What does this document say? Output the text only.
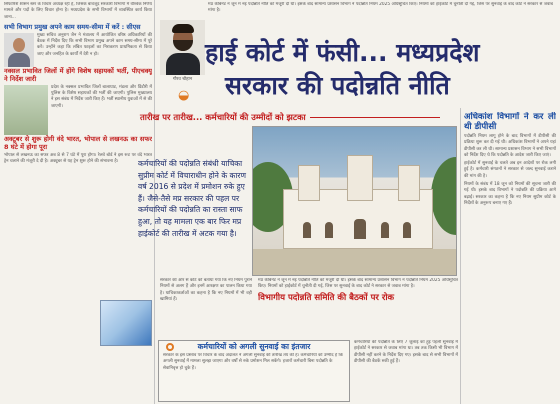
सिफारिशें शासन स्तर के विचार अध्यक्ष रही हैं, जिसके बावजूद सरकारी विभागों में वैश्विक निर्णय मामले और पदों के लिए विचार होना है। मध्यप्रदेश के सभी विभागों में व्यवस्थित कार्य किया जाना...

सभी विभाग प्रमुख अपने काम समय-सीमा में करें : सीएस

मुख्य सचिव अनुराग जैन ने मंत्रालय में आयोजित वरिष्ठ अधिकारियों की बैठक में निर्देश दिए कि सभी विभाग प्रमुख अपने काम समय-सीमा में पूरे करें। उन्होंने कहा कि लंबित फाइलों का निराकरण प्राथमिकता से किया जाए और जनहित के कार्यों में देरी न हो।

नक्सल प्रभावित जिलों में होंगे विशेष सहायकों भर्ती, पीएचक्यू ने निर्देश जारी

प्रदेश के नक्सल प्रभावित जिलों बालाघाट, मंडला और डिंडौरी में पुलिस के विशेष सहायकों की भर्ती की जाएगी। पुलिस मुख्यालय ने इस संबंध में निर्देश जारी किए हैं। भर्ती स्थानीय युवाओं में से की जाएगी।

अक्टूबर से शुरू होगी वंदे भारत, भोपाल से लखनऊ का सफर 8 घंटे में होगा पूरा

भोपाल से लखनऊ का सफर अब 8 से 7 घंटे में पूरा होगा। रेलवे बोर्ड ने इस रूट पर वंदे भारत ट्रेन चलाने की मंजूरी दे दी है। अक्टूबर से यह ट्रेन शुरू होने की संभावना है।

गौरव चौहान

मप्र कैबिनेट ने जून में नई पदोन्नति नीति को मंजूरी दी थी। इसके बाद सामान्य प्रशासन विभाग ने पदोन्नति नियम 2025 अधिसूचित किए। नियमों को हाईकोर्ट में चुनौती दी गई, जिस पर सुनवाई के बाद कोर्ट ने सरकार से जवाब मांगा है।

हाई कोर्ट में फंसी... मध्यप्रदेश
सरकार की पदोन्नति नीति
◒
तारीख पर तारीख... कर्मचारियों की उम्मीदों को झटका
कर्मचारियों की पदोन्नति संबंधी याचिका सुप्रीम कोर्ट में विचाराधीन होने के कारण वर्ष 2016 से प्रदेश में प्रमोशन रुके हुए हैं। जैसे-तैसे मप्र सरकार की पहल पर कर्मचारियों की पदोन्नति का रास्ता साफ हुआ, तो यह मामला एक बार फिर मप्र हाईकोर्ट की तारीख में अटक गया है।

सरकार की ओर से कोर्ट को बताया गया कि नए नियम पुराने नियमों से अलग हैं और इनमें आरक्षण का पालन किया गया है। याचिकाकर्ताओं का कहना है कि नए नियमों में भी वही खामियां हैं।

मप्र कैबिनेट ने जून में नई पदोन्नति नीति को मंजूरी दी थी। इसके बाद सामान्य प्रशासन विभाग ने पदोन्नति नियम 2025 अधिसूचित किए। नियमों को हाईकोर्ट में चुनौती दी गई, जिस पर सुनवाई के बाद कोर्ट ने सरकार से जवाब मांगा है।

विभागीय पदोन्नति समिति की बैठकों पर रोक

कर्मचारियों को अगली सुनवाई का इंतजार
सरकार के इस प्रस्ताव पर विचार के बाद अदालत ने अगली सुनवाई की तारीख तय की है। कर्मचारियों को उम्मीद है कि अगली सुनवाई में मामला सुलझ जाएगा और वर्षों से रुके प्रमोशन मिल सकेंगे। हजारों कर्मचारी बिना पदोन्नति के सेवानिवृत्त हो चुके हैं।

कर्मचारियों की पदोन्नति के लिए 7 जुलाई को हुई पहली सुनवाई में हाईकोर्ट ने सरकार से जवाब मांगा था। तब तक किसी भी विभाग में डीपीसी नहीं करने के निर्देश दिए गए। इसके बाद से सभी विभागों में डीपीसी की बैठकें रुकी हुई हैं।

अधिकांश विभागों ने कर ली थी डीपीसी

पदोन्नति नियम लागू होने के बाद विभागों में डीपीसी की प्रक्रिया शुरू कर दी गई थी। अधिकांश विभागों ने अपने यहां डीपीसी कर ली थी। सामान्य प्रशासन विभाग ने सभी विभागों को निर्देश दिए थे कि पदोन्नति के आदेश जारी किए जाएं।

हाईकोर्ट में सुनवाई के चलते अब इन आदेशों पर रोक लगी हुई है। कर्मचारी संगठनों ने सरकार से जल्द सुनवाई कराने की मांग की है।

नियमों के संबंध में 18 जून को नियमों की सूचना जारी की गई थी। इसके बाद विभागों ने पदोन्नति की प्रक्रिया आगे बढ़ाई। सरकार का कहना है कि नए नियम सुप्रीम कोर्ट के निर्देशों के अनुरूप बनाए गए हैं।
